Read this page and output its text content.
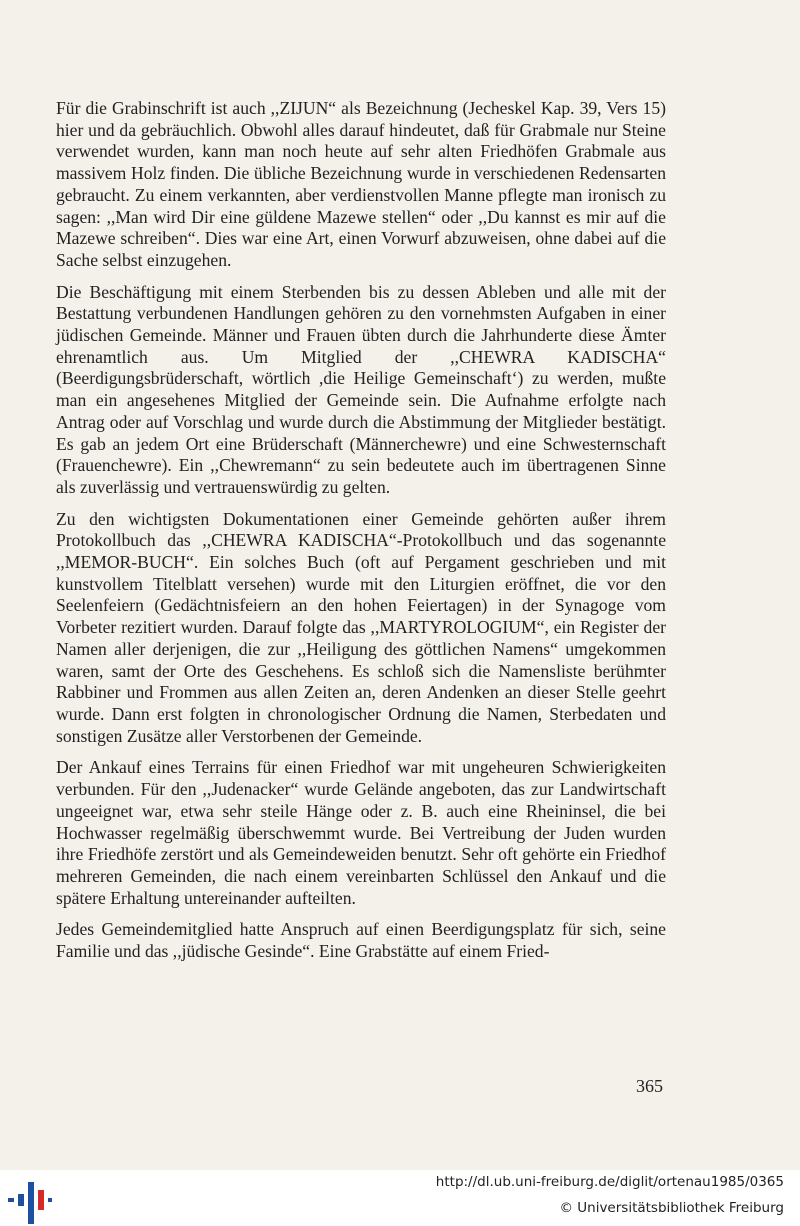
Für die Grabinschrift ist auch ,,ZIJUN“ als Bezeichnung (Jecheskel Kap. 39, Vers 15) hier und da gebräuchlich. Obwohl alles darauf hindeutet, daß für Grabmale nur Steine verwendet wurden, kann man noch heute auf sehr alten Friedhöfen Grabmale aus massivem Holz finden. Die übliche Bezeichnung wurde in verschiedenen Redensarten gebraucht. Zu einem verkannten, aber verdienstvollen Manne pflegte man ironisch zu sagen: ,,Man wird Dir eine güldene Mazewe stellen“ oder ,,Du kannst es mir auf die Mazewe schreiben“. Dies war eine Art, einen Vorwurf abzuweisen, ohne dabei auf die Sache selbst einzugehen.

Die Beschäftigung mit einem Sterbenden bis zu dessen Ableben und alle mit der Bestattung verbundenen Handlungen gehören zu den vornehmsten Aufgaben in einer jüdischen Gemeinde. Männer und Frauen übten durch die Jahrhunderte diese Ämter ehrenamtlich aus. Um Mitglied der ,,CHEWRA KADISCHA“ (Beerdigungsbrüderschaft, wörtlich ,die Heilige Gemeinschaft‘) zu werden, mußte man ein angesehenes Mitglied der Gemeinde sein. Die Aufnahme erfolgte nach Antrag oder auf Vorschlag und wurde durch die Abstimmung der Mitglieder bestätigt. Es gab an jedem Ort eine Brüderschaft (Männerchewre) und eine Schwesternschaft (Frauenchewre). Ein ,,Chewremann“ zu sein bedeutete auch im übertragenen Sinne als zuverlässig und vertrauenswürdig zu gelten.

Zu den wichtigsten Dokumentationen einer Gemeinde gehörten außer ihrem Protokollbuch das ,,CHEWRA KADISCHA“-Protokollbuch und das sogenannte ,,MEMOR-BUCH“. Ein solches Buch (oft auf Pergament geschrieben und mit kunstvollem Titelblatt versehen) wurde mit den Liturgien eröffnet, die vor den Seelenfeiern (Gedächtnisfeiern an den hohen Feiertagen) in der Synagoge vom Vorbeter rezitiert wurden. Darauf folgte das ,,MARTYROLOGIUM“, ein Register der Namen aller derjenigen, die zur ,,Heiligung des göttlichen Namens“ umgekommen waren, samt der Orte des Geschehens. Es schloß sich die Namensliste berühmter Rabbiner und Frommen aus allen Zeiten an, deren Andenken an dieser Stelle geehrt wurde. Dann erst folgten in chronologischer Ordnung die Namen, Sterbedaten und sonstigen Zusätze aller Verstorbenen der Gemeinde.

Der Ankauf eines Terrains für einen Friedhof war mit ungeheuren Schwierigkeiten verbunden. Für den ,,Judenacker“ wurde Gelände angeboten, das zur Landwirtschaft ungeeignet war, etwa sehr steile Hänge oder z. B. auch eine Rheininsel, die bei Hochwasser regelmäßig überschwemmt wurde. Bei Vertreibung der Juden wurden ihre Friedhöfe zerstört und als Gemeindeweiden benutzt. Sehr oft gehörte ein Friedhof mehreren Gemeinden, die nach einem vereinbarten Schlüssel den Ankauf und die spätere Erhaltung untereinander aufteilten.

Jedes Gemeindemitglied hatte Anspruch auf einen Beerdigungsplatz für sich, seine Familie und das ,,jüdische Gesinde“. Eine Grabstätte auf einem Fried-

365
http://dl.ub.uni-freiburg.de/diglit/ortenau1985/0365
© Universitätsbibliothek Freiburg
